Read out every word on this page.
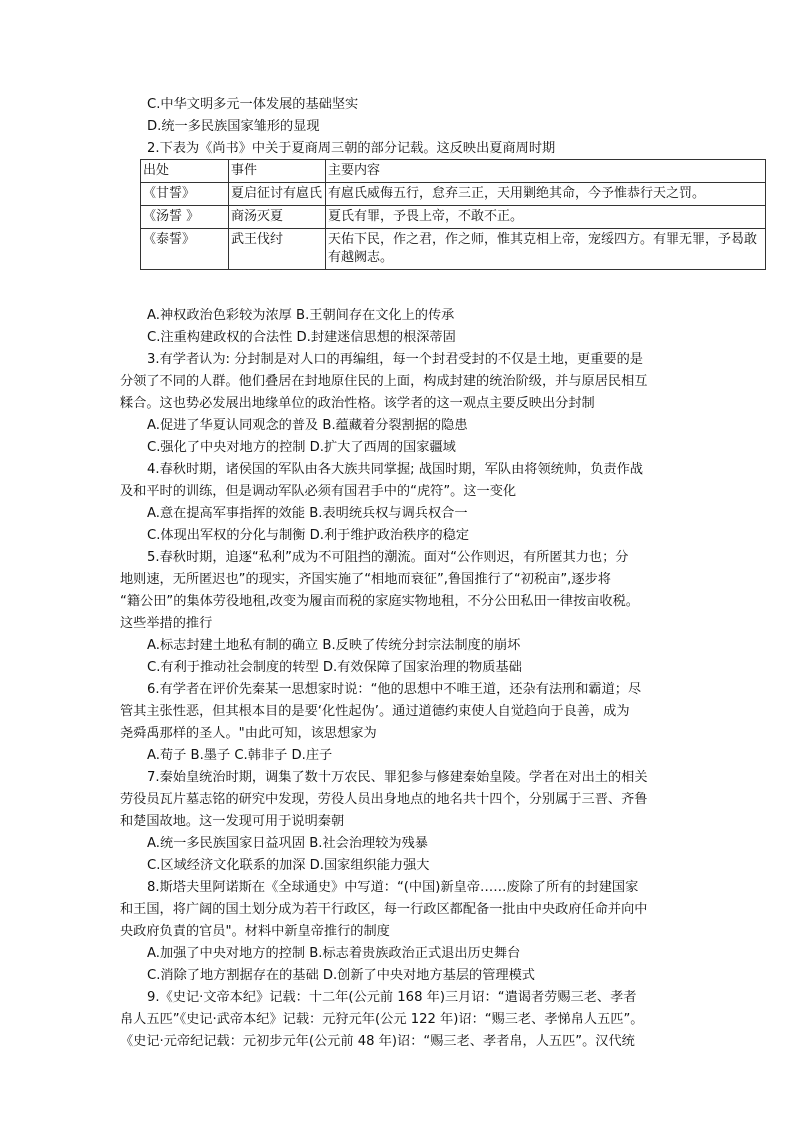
C.中华文明多元一体发展的基础坚实
D.统一多民族国家雏形的显现
2.下表为《尚书》中关于夏商周三朝的部分记载。这反映出夏商周时期
出处	事件	主要内容
《甘誓》	夏启征讨有扈氏	有扈氏威侮五行，怠弃三正，天用剿绝其命，今予惟恭行天之罚。
《汤誓 》	商汤灭夏	夏氏有罪，予畏上帝，不敢不正。
《泰誓》	武王伐纣	天佑下民，作之君，作之师，惟其克相上帝，宠绥四方。有罪无罪，予曷敢有越阙志。
A.神权政治色彩较为浓厚 B.王朝间存在文化上的传承
C.注重构建政权的合法性 D.封建迷信思想的根深蒂固
3.有学者认为: 分封制是对人口的再编组，每一个封君受封的不仅是土地，更重要的是
分领了不同的人群。他们叠居在封地原住民的上面，构成封建的统治阶级，并与原居民相互
糅合。这也势必发展出地缘单位的政治性格。该学者的这一观点主要反映出分封制
A.促进了华夏认同观念的普及 B.蕴藏着分裂割据的隐患
C.强化了中央对地方的控制 D.扩大了西周的国家疆域
4.春秋时期，诸侯国的军队由各大族共同掌握; 战国时期，军队由将领统帅，负责作战
及和平时的训练，但是调动军队必须有国君手中的“虎符”。这一变化
A.意在提高军事指挥的效能 B.表明统兵权与调兵权合一
C.体现出军权的分化与制衡 D.利于维护政治秩序的稳定
5.春秋时期，追逐“私利”成为不可阻挡的潮流。面对“公作则迟，有所匿其力也；分
地则速，无所匿迟也”的现实，齐国实施了“相地而衰征”,鲁国推行了“初税亩”,逐步将
“籍公田”的集体劳役地租,改变为履亩而税的家庭实物地租，不分公田私田一律按亩收税。
这些举措的推行
A.标志封建土地私有制的确立 B.反映了传统分封宗法制度的崩坏
C.有利于推动社会制度的转型 D.有效保障了国家治理的物质基础
6.有学者在评价先秦某一思想家时说：“他的思想中不唯王道，还杂有法刑和霸道；尽
管其主张性恶，但其根本目的是要‘化性起伪’。通过道德约束使人自觉趋向于良善，成为
尧舜禹那样的圣人。"由此可知，该思想家为
A.荀子 B.墨子 C.韩非子 D.庄子
7.秦始皇统治时期，调集了数十万农民、罪犯参与修建秦始皇陵。学者在对出土的相关
劳役员瓦片墓志铭的研究中发现，劳役人员出身地点的地名共十四个，分别属于三晋、齐鲁
和楚国故地。这一发现可用于说明秦朝
A.统一多民族国家日益巩固 B.社会治理较为残暴
C.区域经济文化联系的加深 D.国家组织能力强大
8.斯塔夫里阿诺斯在《全球通史》中写道：“(中国)新皇帝……废除了所有的封建国家
和王国，将广阔的国土划分成为若干行政区，每一行政区都配备一批由中央政府任命并向中
央政府负責的官员"。材料中新皇帝推行的制度
A.加强了中央对地方的控制 B.标志着贵族政治正式退出历史舞台
C.消除了地方割据存在的基础 D.创新了中央对地方基层的管理模式
9.《史记·文帝本纪》记载：十二年(公元前 168 年)三月诏：“遣谒者劳赐三老、孝者
帛人五匹”《史记·武帝本纪》记载：元狩元年(公元 122 年)诏：“赐三老、孝悌帛人五匹”。
《史记·元帝纪记载：元初步元年(公元前 48 年)诏：“赐三老、孝者帛，人五匹”。汉代统
